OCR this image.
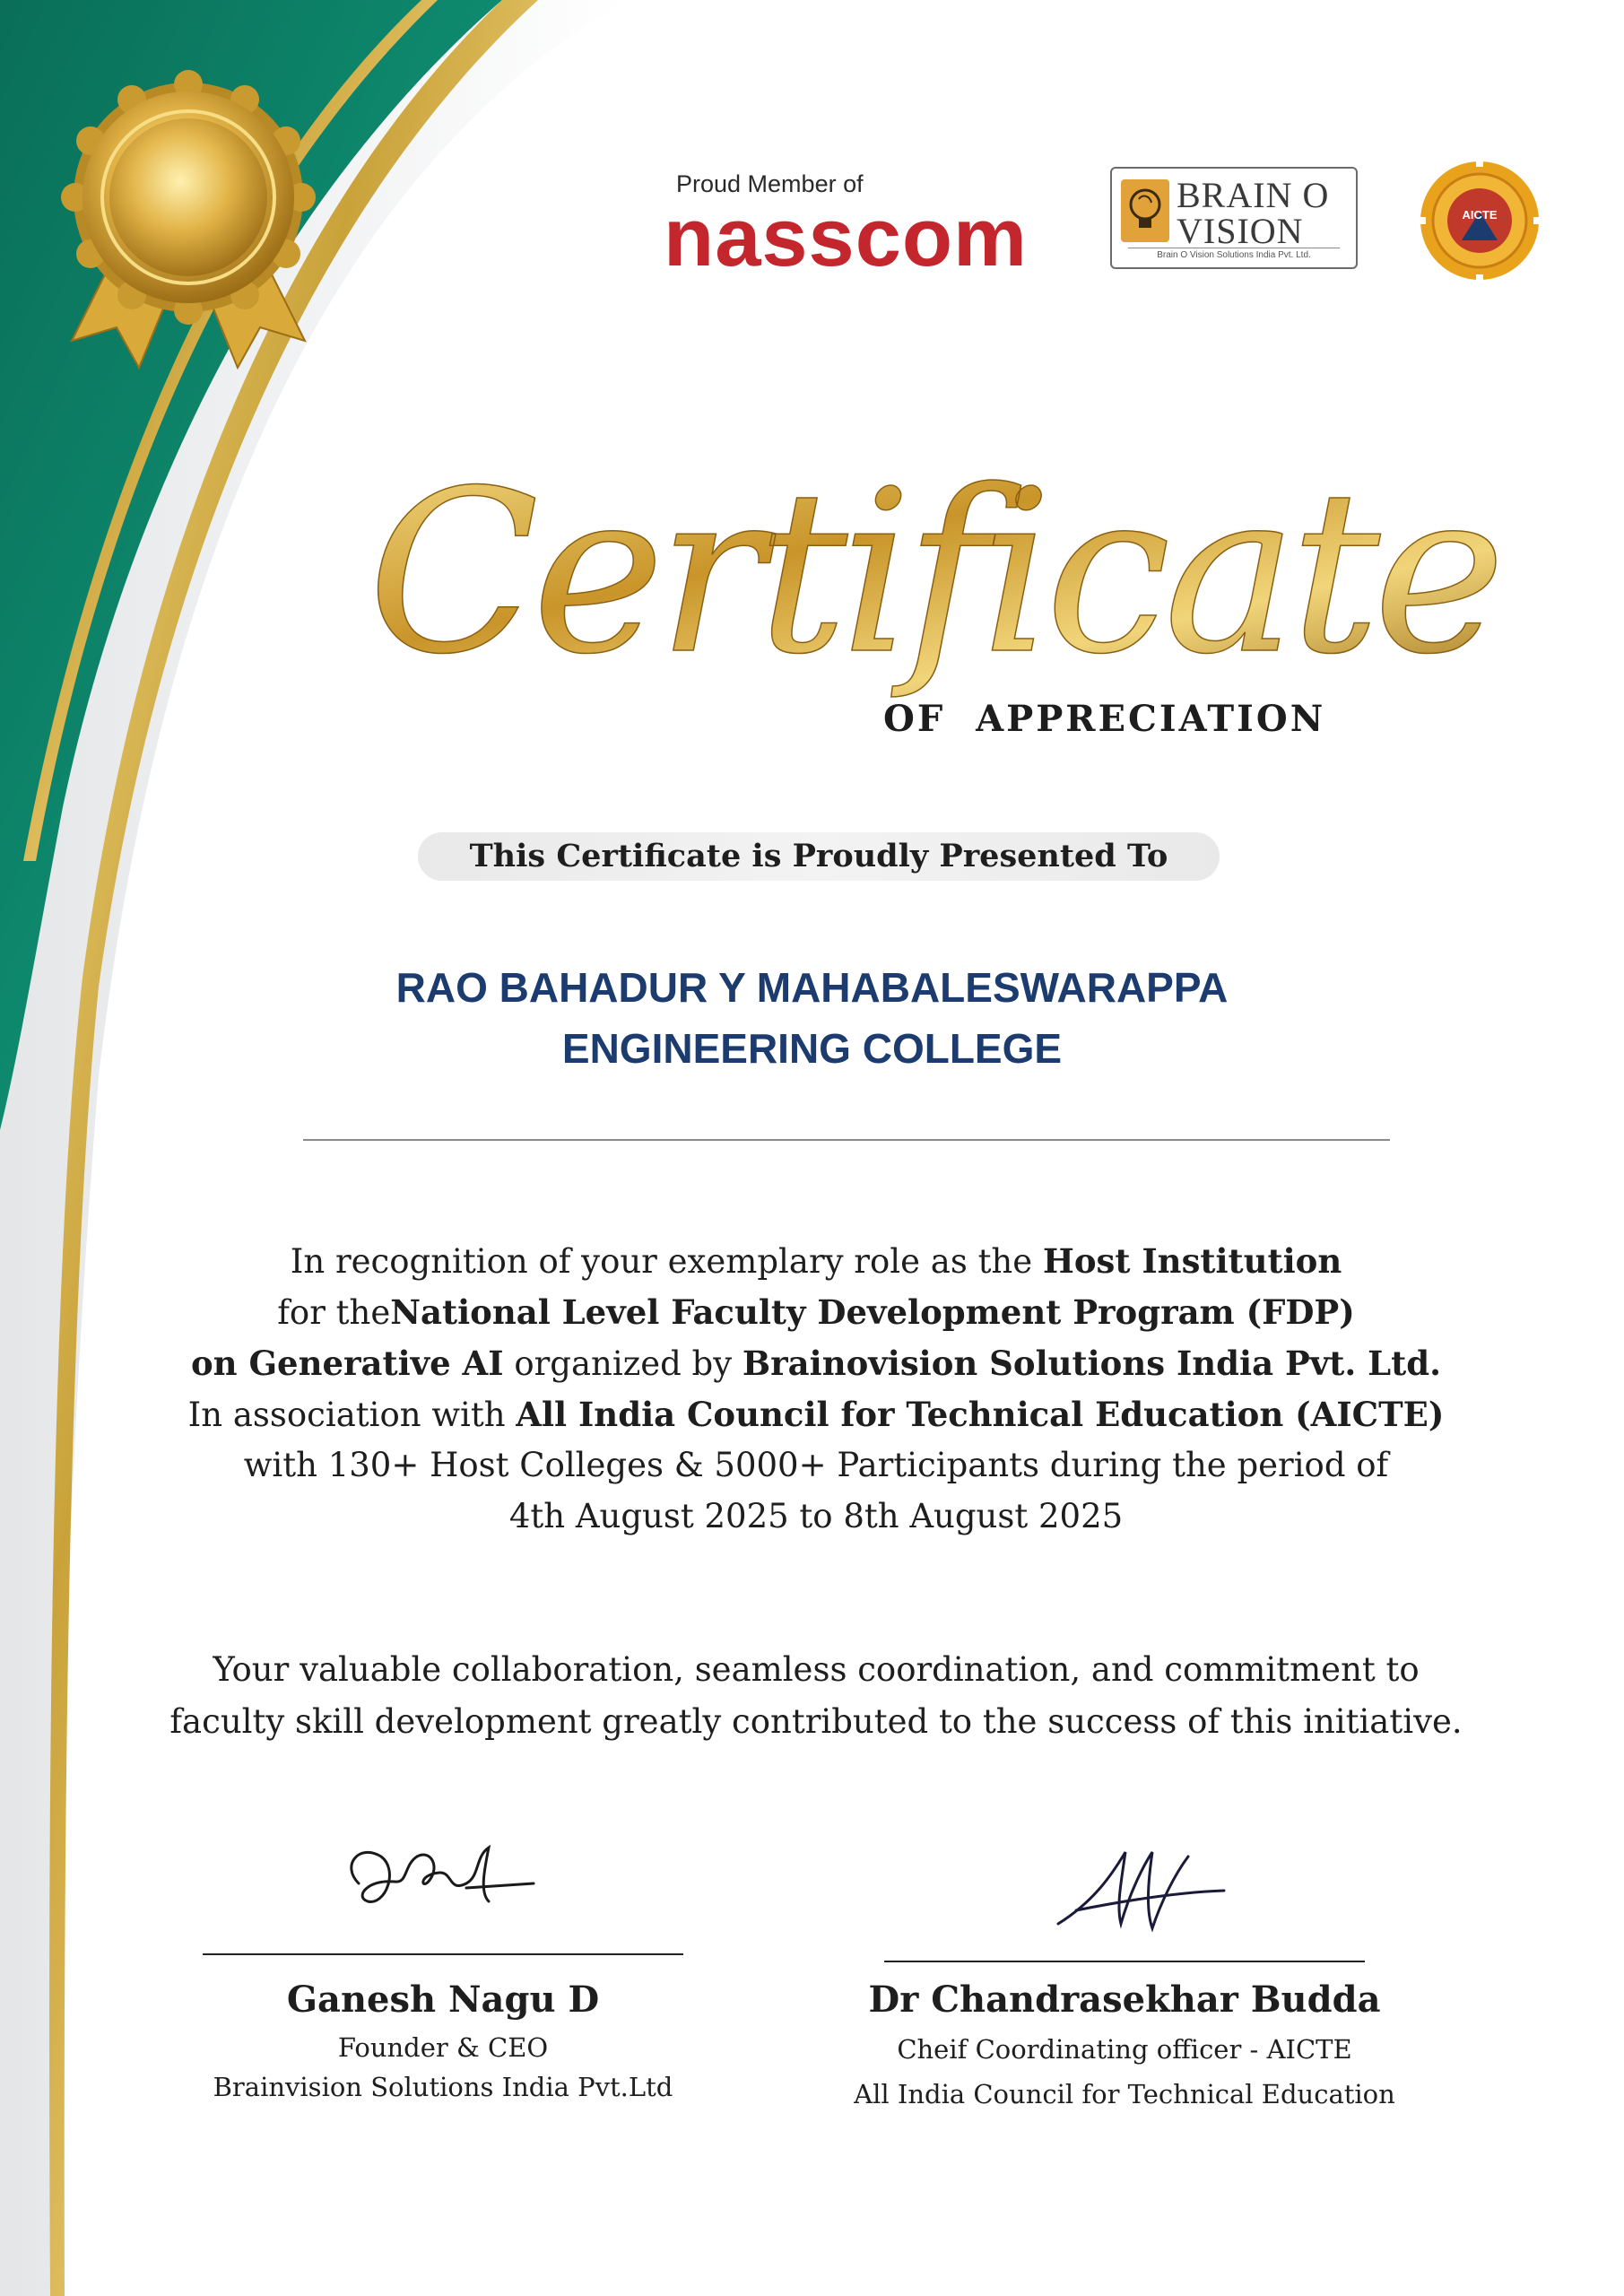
Proud Member of
nasscom	BRAIN O
VISION
Brain O Vision Solutions India Pvt. Ltd.
AICTE
Certificate
OF  APPRECIATION
This Certificate is Proudly Presented To
RAO BAHADUR Y MAHABALESWARAPPA
ENGINEERING COLLEGE
In recognition of your exemplary role as the Host Institution
for theNational Level Faculty Development Program (FDP)
on Generative AI organized by Brainovision Solutions India Pvt. Ltd.
In association with All India Council for Technical Education (AICTE)
with 130+ Host Colleges & 5000+ Participants during the period of
4th August 2025 to 8th August 2025
Your valuable collaboration, seamless coordination, and commitment to
faculty skill development greatly contributed to the success of this initiative.
Ganesh Nagu D
Founder & CEO
Brainvision Solutions India Pvt.Ltd
Dr Chandrasekhar Budda
Cheif Coordinating officer - AICTE
All India Council for Technical Education
